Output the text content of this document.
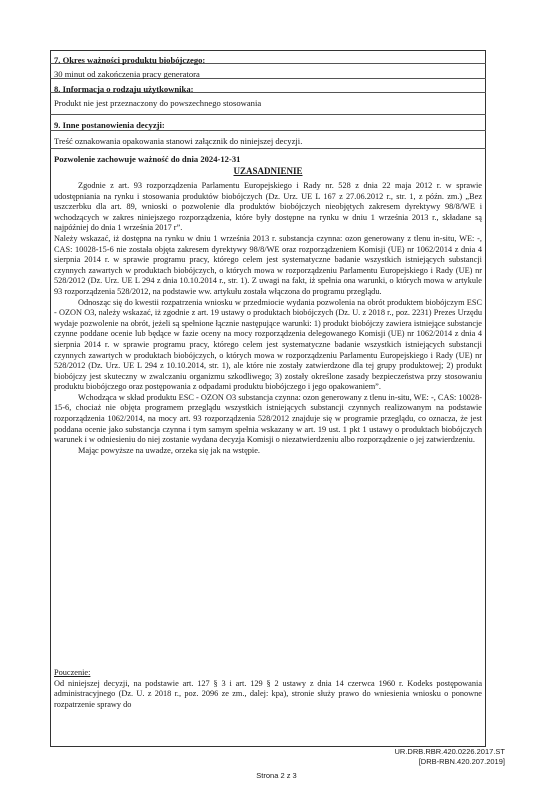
7. Okres ważności produktu biobójczego:
30 minut od zakończenia pracy generatora
8. Informacja o rodzaju użytkownika:
Produkt nie jest przeznaczony do powszechnego stosowania
9. Inne postanowienia decyzji:
Treść oznakowania opakowania stanowi załącznik do niniejszej decyzji.
Pozwolenie zachowuje ważność do dnia 2024-12-31
UZASADNIENIE

Zgodnie z art. 93 rozporządzenia Parlamentu Europejskiego i Rady nr. 528 z dnia 22 maja 2012 r. w sprawie udostępniania na rynku i stosowania produktów biobójczych (Dz. Urz. UE L 167 z 27.06.2012 r., str. 1, z późn. zm.) „Bez uszczerbku dla art. 89, wnioski o pozwolenie dla produktów biobójczych nieobjętych zakresem dyrektywy 98/8/WE i wchodzących w zakres niniejszego rozporządzenia, które były dostępne na rynku w dniu 1 września 2013 r., składane są najpóźniej do dnia 1 września 2017 r”.

Należy wskazać, iż dostępna na rynku w dniu 1 września 2013 r. substancja czynna: ozon generowany z tlenu in-situ, WE: -, CAS: 10028-15-6 nie została objęta zakresem dyrektywy 98/8/WE oraz rozporządzeniem Komisji (UE) nr 1062/2014 z dnia 4 sierpnia 2014 r. w sprawie programu pracy, którego celem jest systematyczne badanie wszystkich istniejących substancji czynnych zawartych w produktach biobójczych, o których mowa w rozporządzeniu Parlamentu Europejskiego i Rady (UE) nr 528/2012 (Dz. Urz. UE L 294 z dnia 10.10.2014 r., str. 1). Z uwagi na fakt, iż spełnia ona warunki, o których mowa w artykule 93 rozporządzenia 528/2012, na podstawie ww. artykułu została włączona do programu przeglądu.

Odnosząc się do kwestii rozpatrzenia wniosku w przedmiocie wydania pozwolenia na obrót produktem biobójczym ESC - OZON O3, należy wskazać, iż zgodnie z art. 19 ustawy o produktach biobójczych (Dz. U. z 2018 r., poz. 2231) Prezes Urzędu wydaje pozwolenie na obrót, jeżeli są spełnione łącznie następujące warunki: 1) produkt biobójczy zawiera istniejące substancje czynne poddane ocenie lub będące w fazie oceny na mocy rozporządzenia delegowanego Komisji (UE) nr 1062/2014 z dnia 4 sierpnia 2014 r. w sprawie programu pracy, którego celem jest systematyczne badanie wszystkich istniejących substancji czynnych zawartych w produktach biobójczych, o których mowa w rozporządzeniu Parlamentu Europejskiego i Rady (UE) nr 528/2012 (Dz. Urz. UE L 294 z 10.10.2014, str. 1), ale które nie zostały zatwierdzone dla tej grupy produktowej; 2) produkt biobójczy jest skuteczny w zwalczaniu organizmu szkodliwego; 3) zostały określone zasady bezpieczeństwa przy stosowaniu produktu biobójczego oraz postępowania z odpadami produktu biobójczego i jego opakowaniem”.

Wchodząca w skład produktu ESC - OZON O3 substancja czynna: ozon generowany z tlenu in-situ, WE: -, CAS: 10028-15-6, chociaż nie objęta programem przeglądu wszystkich istniejących substancji czynnych realizowanym na podstawie rozporządzenia 1062/2014, na mocy art. 93 rozporządzenia 528/2012 znajduje się w programie przeglądu, co oznacza, że jest poddana ocenie jako substancja czynna i tym samym spełnia wskazany w art. 19 ust. 1 pkt 1 ustawy o produktach biobójczych warunek i w odniesieniu do niej zostanie wydana decyzja Komisji o niezatwierdzeniu albo rozporządzenie o jej zatwierdzeniu.

Mając powyższe na uwadze, orzeka się jak na wstępie.

Pouczenie:

Od niniejszej decyzji, na podstawie art. 127 § 3 i art. 129 § 2 ustawy z dnia 14 czerwca 1960 r. Kodeks postępowania administracyjnego (Dz. U. z 2018 r., poz. 2096 ze zm., dalej: kpa), stronie służy prawo do wniesienia wniosku o ponowne rozpatrzenie sprawy do

UR.DRB.RBR.420.0226.2017.ST
[DRB-RBN.420.207.2019]
Strona 2 z 3
